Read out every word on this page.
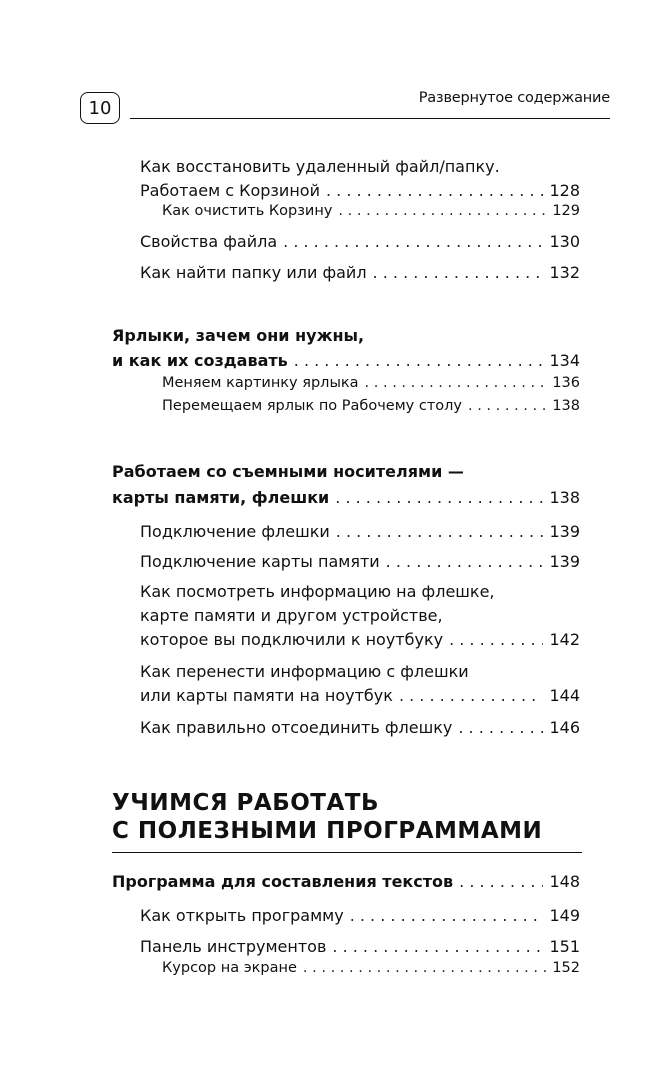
10	Развернутое содержание
Как восстановить удаленный файл/папку.
Работаем с Корзиной . . .	128
Как очистить Корзину . . .	129
Свойства файла . . .	130
Как найти папку или файл . . .	132
Ярлыки, зачем они нужны,
и как их создавать . . .	134
Меняем картинку ярлыка . . .	136
Перемещаем ярлык по Рабочему столу . . .	138
Работаем со съемными носителями —
карты памяти, флешки . . .	138
Подключение флешки . . .	139
Подключение карты памяти . . .	139
Как посмотреть информацию на флешке,
карте памяти и другом устройстве,
которое вы подключили к ноутбуку . . .	142
Как перенести информацию с флешки
или карты памяти на ноутбук . . .	144
Как правильно отсоединить флешку . . .	146
УЧИМСЯ РАБОТАТЬ
С ПОЛЕЗНЫМИ ПРОГРАММАМИ
Программа для составления текстов . . .	148
Как открыть программу . . .	149
Панель инструментов . . .	151
Курсор на экране . . .	152
